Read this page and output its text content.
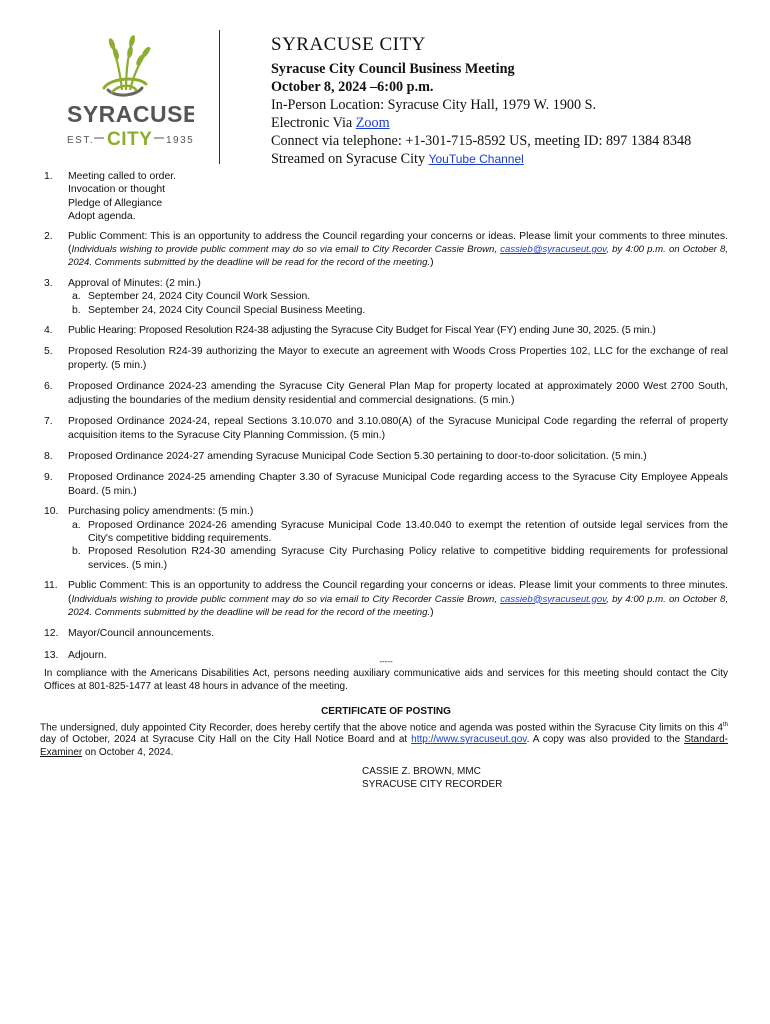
SYRACUSE
EST. CITY 1935
SYRACUSE CITY
Syracuse City Council Business Meeting
October 8, 2024 –6:00 p.m.
In-Person Location: Syracuse City Hall, 1979 W. 1900 S.
Electronic Via Zoom
Connect via telephone: +1-301-715-8592 US, meeting ID: 897 1384 8348
Streamed on Syracuse City YouTube Channel
1. Meeting called to order.
Invocation or thought
Pledge of Allegiance
Adopt agenda.
2. Public Comment: This is an opportunity to address the Council regarding your concerns or ideas. Please limit your comments to three minutes. (Individuals wishing to provide public comment may do so via email to City Recorder Cassie Brown, cassieb@syracuseut.gov, by 4:00 p.m. on October 8, 2024. Comments submitted by the deadline will be read for the record of the meeting.)
3. Approval of Minutes: (2 min.)
a. September 24, 2024 City Council Work Session.
b. September 24, 2024 City Council Special Business Meeting.
4. Public Hearing: Proposed Resolution R24-38 adjusting the Syracuse City Budget for Fiscal Year (FY) ending June 30, 2025. (5 min.)
5. Proposed Resolution R24-39 authorizing the Mayor to execute an agreement with Woods Cross Properties 102, LLC for the exchange of real property. (5 min.)
6. Proposed Ordinance 2024-23 amending the Syracuse City General Plan Map for property located at approximately 2000 West 2700 South, adjusting the boundaries of the medium density residential and commercial designations. (5 min.)
7. Proposed Ordinance 2024-24, repeal Sections 3.10.070 and 3.10.080(A) of the Syracuse Municipal Code regarding the referral of property acquisition items to the Syracuse City Planning Commission. (5 min.)
8. Proposed Ordinance 2024-27 amending Syracuse Municipal Code Section 5.30 pertaining to door-to-door solicitation. (5 min.)
9. Proposed Ordinance 2024-25 amending Chapter 3.30 of Syracuse Municipal Code regarding access to the Syracuse City Employee Appeals Board. (5 min.)
10. Purchasing policy amendments: (5 min.)
a. Proposed Ordinance 2024-26 amending Syracuse Municipal Code 13.40.040 to exempt the retention of outside legal services from the City's competitive bidding requirements.
b. Proposed Resolution R24-30 amending Syracuse City Purchasing Policy relative to competitive bidding requirements for professional services. (5 min.)
11. Public Comment: This is an opportunity to address the Council regarding your concerns or ideas. Please limit your comments to three minutes. (Individuals wishing to provide public comment may do so via email to City Recorder Cassie Brown, cassieb@syracuseut.gov, by 4:00 p.m. on October 8, 2024. Comments submitted by the deadline will be read for the record of the meeting.)
12. Mayor/Council announcements.
13. Adjourn.
-----
In compliance with the Americans Disabilities Act, persons needing auxiliary communicative aids and services for this meeting should contact the City Offices at 801-825-1477 at least 48 hours in advance of the meeting.
CERTIFICATE OF POSTING
The undersigned, duly appointed City Recorder, does hereby certify that the above notice and agenda was posted within the Syracuse City limits on this 4th day of October, 2024 at Syracuse City Hall on the City Hall Notice Board and at http://www.syracuseut.gov. A copy was also provided to the Standard-Examiner on October 4, 2024.
CASSIE Z. BROWN, MMC
SYRACUSE CITY RECORDER
